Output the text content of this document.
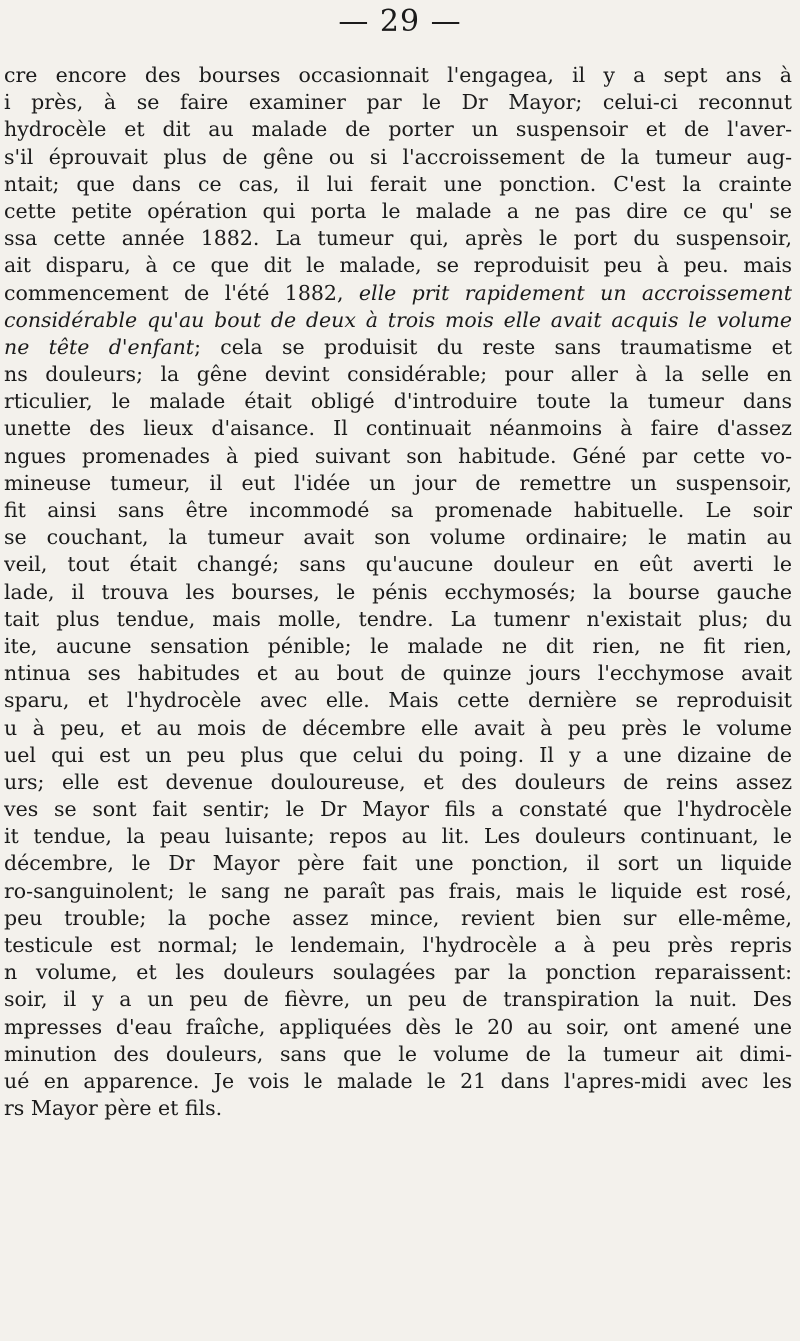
— 29 —
cre encore des bourses occasionnait l'engagea, il y a sept ans à
i près, à se faire examiner par le Dr Mayor; celui-ci reconnut
hydrocèle et dit au malade de porter un suspensoir et de l'aver-
s'il éprouvait plus de gêne ou si l'accroissement de la tumeur aug-
ntait; que dans ce cas, il lui ferait une ponction. C'est la crainte
cette petite opération qui porta le malade a ne pas dire ce qu' se
ssa cette année 1882. La tumeur qui, après le port du suspensoir,
ait disparu, à ce que dit le malade, se reproduisit peu à peu. mais
commencement de l'été 1882, elle prit rapidement un accroissement
considérable qu'au bout de deux à trois mois elle avait acquis le volume
ne tête d'enfant; cela se produisit du reste sans traumatisme et
ns douleurs; la gêne devint considérable; pour aller à la selle en
rticulier, le malade était obligé d'introduire toute la tumeur dans
unette des lieux d'aisance. Il continuait néanmoins à faire d'assez
ngues promenades à pied suivant son habitude. Géné par cette vo-
mineuse tumeur, il eut l'idée un jour de remettre un suspensoir,
fit ainsi sans être incommodé sa promenade habituelle. Le soir
se couchant, la tumeur avait son volume ordinaire; le matin au
veil, tout était changé; sans qu'aucune douleur en eût averti le
lade, il trouva les bourses, le pénis ecchymosés; la bourse gauche
tait plus tendue, mais molle, tendre. La tumenr n'existait plus; du
ite, aucune sensation pénible; le malade ne dit rien, ne fit rien,
ntinua ses habitudes et au bout de quinze jours l'ecchymose avait
sparu, et l'hydrocèle avec elle. Mais cette dernière se reproduisit
u à peu, et au mois de décembre elle avait à peu près le volume
uel qui est un peu plus que celui du poing. Il y a une dizaine de
urs; elle est devenue douloureuse, et des douleurs de reins assez
ves se sont fait sentir; le Dr Mayor fils a constaté que l'hydrocèle
it tendue, la peau luisante; repos au lit. Les douleurs continuant, le
décembre, le Dr Mayor père fait une ponction, il sort un liquide
ro-sanguinolent; le sang ne paraît pas frais, mais le liquide est rosé,
peu trouble; la poche assez mince, revient bien sur elle-même,
testicule est normal; le lendemain, l'hydrocèle a à peu près repris
n volume, et les douleurs soulagées par la ponction reparaissent:
soir, il y a un peu de fièvre, un peu de transpiration la nuit. Des
mpresses d'eau fraîche, appliquées dès le 20 au soir, ont amené une
minution des douleurs, sans que le volume de la tumeur ait dimi-
ué en apparence. Je vois le malade le 21 dans l'apres-midi avec les
rs Mayor père et fils.
